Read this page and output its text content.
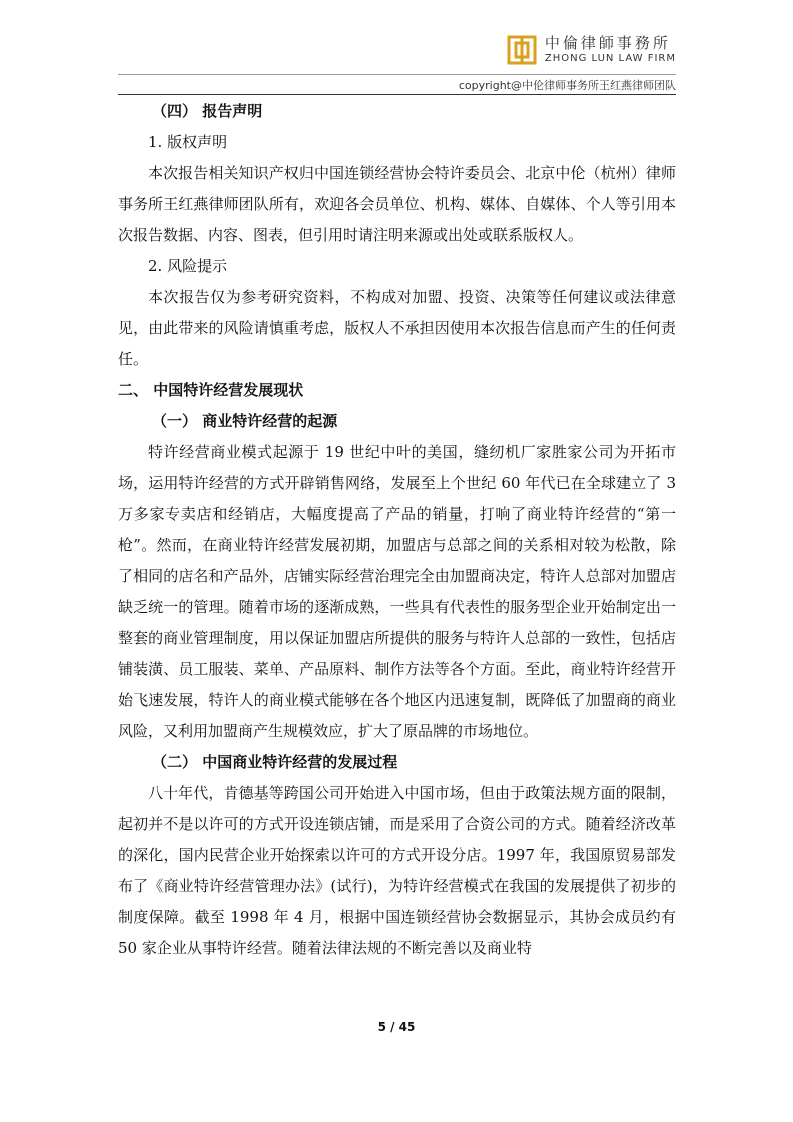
中倫律師事務所
ZHONG LUN LAW FIRM
copyright@中伦律师事务所王红燕律师团队

（四） 报告声明

1. 版权声明

本次报告相关知识产权归中国连锁经营协会特许委员会、北京中伦（杭州）律师事务所王红燕律师团队所有，欢迎各会员单位、机构、媒体、自媒体、个人等引用本次报告数据、内容、图表，但引用时请注明来源或出处或联系版权人。

2. 风险提示

本次报告仅为参考研究资料，不构成对加盟、投资、决策等任何建议或法律意见，由此带来的风险请慎重考虑，版权人不承担因使用本次报告信息而产生的任何责任。

二、 中国特许经营发展现状

（一） 商业特许经营的起源

特许经营商业模式起源于 19 世纪中叶的美国，缝纫机厂家胜家公司为开拓市场，运用特许经营的方式开辟销售网络，发展至上个世纪 60 年代已在全球建立了 3 万多家专卖店和经销店，大幅度提高了产品的销量，打响了商业特许经营的“第一枪”。然而，在商业特许经营发展初期，加盟店与总部之间的关系相对较为松散，除了相同的店名和产品外，店铺实际经营治理完全由加盟商决定，特许人总部对加盟店缺乏统一的管理。随着市场的逐渐成熟，一些具有代表性的服务型企业开始制定出一整套的商业管理制度，用以保证加盟店所提供的服务与特许人总部的一致性，包括店铺装潢、员工服装、菜单、产品原料、制作方法等各个方面。至此，商业特许经营开始飞速发展，特许人的商业模式能够在各个地区内迅速复制，既降低了加盟商的商业风险，又利用加盟商产生规模效应，扩大了原品牌的市场地位。

（二） 中国商业特许经营的发展过程

八十年代，肯德基等跨国公司开始进入中国市场，但由于政策法规方面的限制，起初并不是以许可的方式开设连锁店铺，而是采用了合资公司的方式。随着经济改革的深化，国内民营企业开始探索以许可的方式开设分店。1997 年，我国原贸易部发布了《商业特许经营管理办法》(试行)，为特许经营模式在我国的发展提供了初步的制度保障。截至 1998 年 4 月，根据中国连锁经营协会数据显示，其协会成员约有 50 家企业从事特许经营。随着法律法规的不断完善以及商业特

5 / 45
